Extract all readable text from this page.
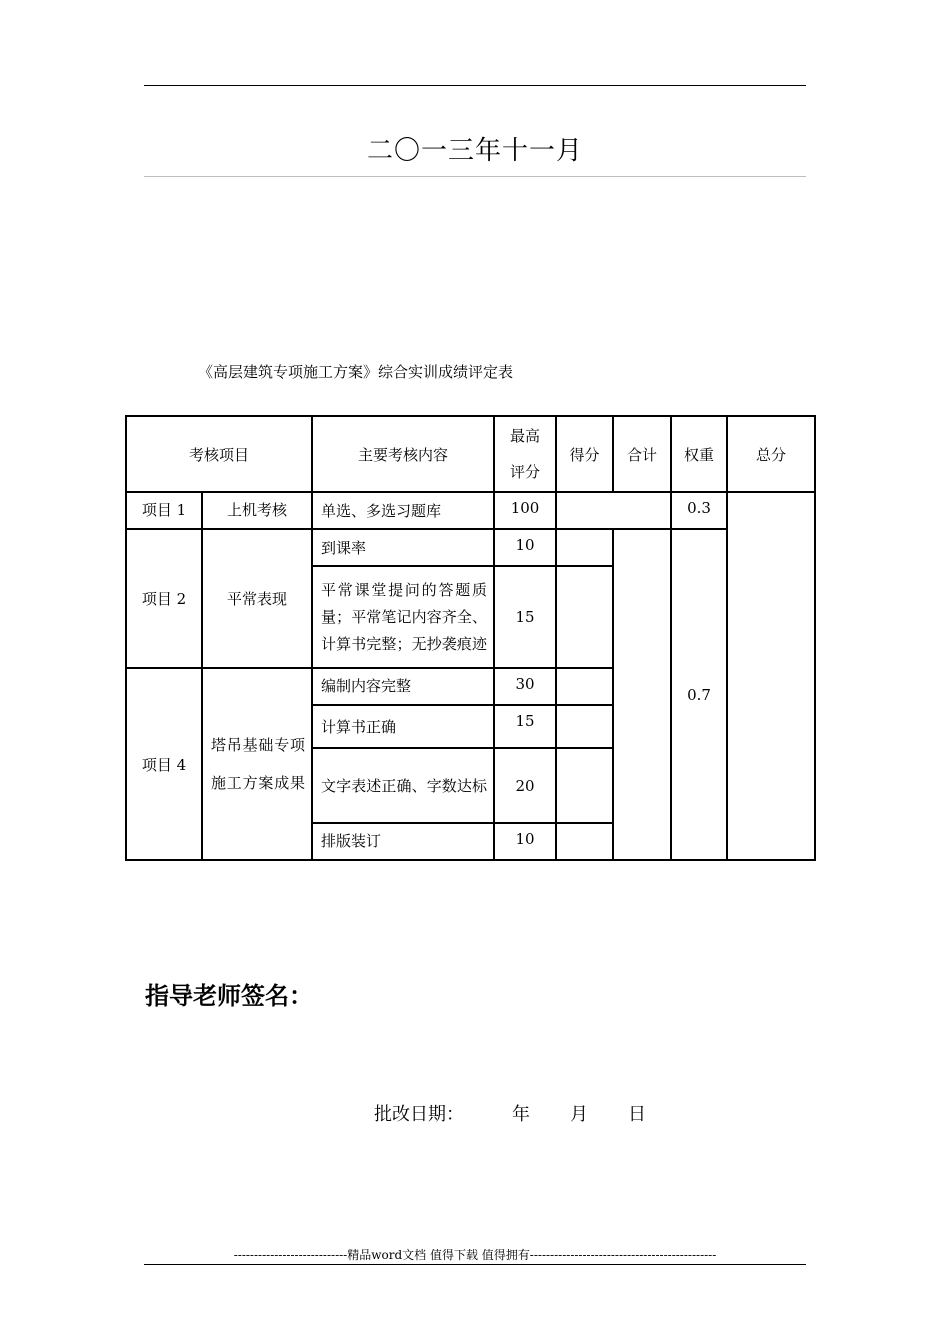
二〇一三年十一月
《高层建筑专项施工方案》综合实训成绩评定表
考核项目		主要考核内容	最高评分	得分	合计	权重	总分
项目 1	上机考核	单选、多选习题库	100			0.3	
项目 2	平常表现	到课率	10			0.7	
		平常课堂提问的答题质量；平常笔记内容齐全、计算书完整；无抄袭痕迹	15				
项目 4	塔吊基础专项施工方案成果	编制内容完整	30				
		计算书正确	15				
		文字表述正确、字数达标	20				
		排版装订	10				
指导老师签名：
批改日期：	年 月 日
----------------------------精品word文档 值得下载 值得拥有----------------------------------------------
